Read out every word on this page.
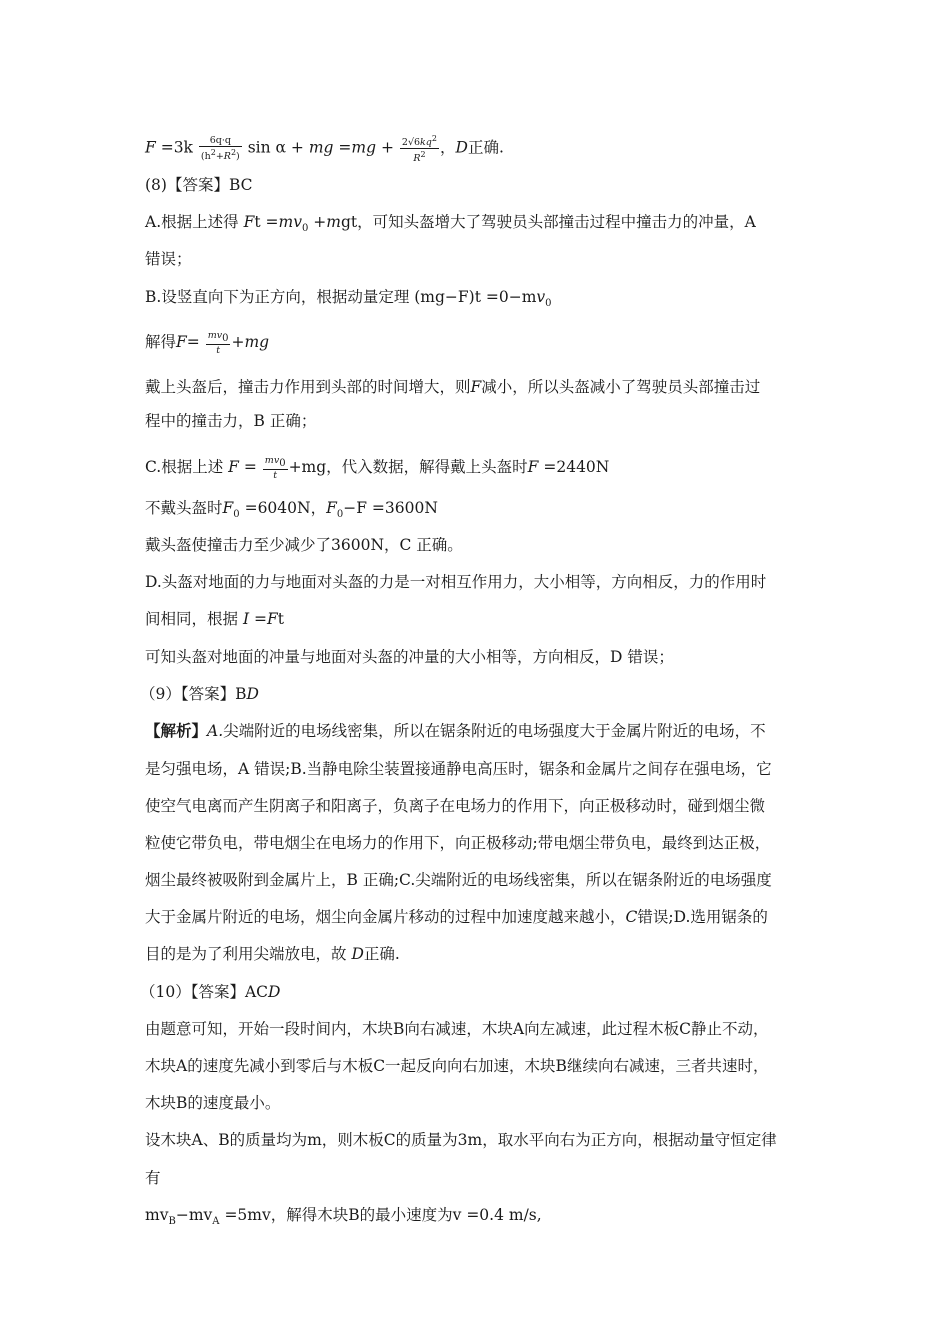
$F =3k \frac{6q\cdot q}{(h^2+R^2)}$ sin α + mg $=mg + \frac{2√6kq^2}{R^2}$ ，D正确.
(8)【答案】BC
A.根据上述得 $Ft =mv_0 +mgt$，可知头盔增大了驾驶员头部撞击过程中撞击力的冲量，A
错误；
B.设竖直向下为正方向，根据动量定理 $(mg-F)t =0-mv_0$
解得$F= \frac{mv_0}{t} +mg$
戴上头盔后，撞击力作用到头部的时间增大，则F减小，所以头盔减小了驾驶员头部撞击过
程中的撞击力，B 正确；
C.根据上述 $F = \frac{mv_0}{t} +mg$，代入数据，解得戴上头盔时F =2440N
不戴头盔时$F_0 =6040N$，$F_0-F =3600N$
戴头盔使撞击力至少减少了3600N，C 正确。
D.头盔对地面的力与地面对头盔的力是一对相互作用力，大小相等，方向相反，力的作用时
间相同，根据 I =Ft
可知头盔对地面的冲量与地面对头盔的冲量的大小相等，方向相反，D 错误；
（9）【答案】BD
【解析】A.尖端附近的电场线密集，所以在锯条附近的电场强度大于金属片附近的电场，不
是匀强电场，A 错误;B.当静电除尘装置接通静电高压时，锯条和金属片之间存在强电场，它
使空气电离而产生阴离子和阳离子，负离子在电场力的作用下，向正极移动时，碰到烟尘微
粒使它带负电，带电烟尘在电场力的作用下，向正极移动;带电烟尘带负电，最终到达正极，
烟尘最终被吸附到金属片上，B 正确;C.尖端附近的电场线密集，所以在锯条附近的电场强度
大于金属片附近的电场，烟尘向金属片移动的过程中加速度越来越小，C错误;D.选用锯条的
目的是为了利用尖端放电，故 D正确.
（10）【答案】ACD
由题意可知，开始一段时间内，木块B向右减速，木块A向左减速，此过程木板C静止不动，
木块A的速度先减小到零后与木板C一起反向向右加速，木块B继续向右减速，三者共速时，
木块B的速度最小。
设木块A、B的质量均为m，则木板C的质量为3m，取水平向右为正方向，根据动量守恒定律
有
$mv_B-mv_A =5mv$，解得木块B的最小速度为v =0.4 m/s,
